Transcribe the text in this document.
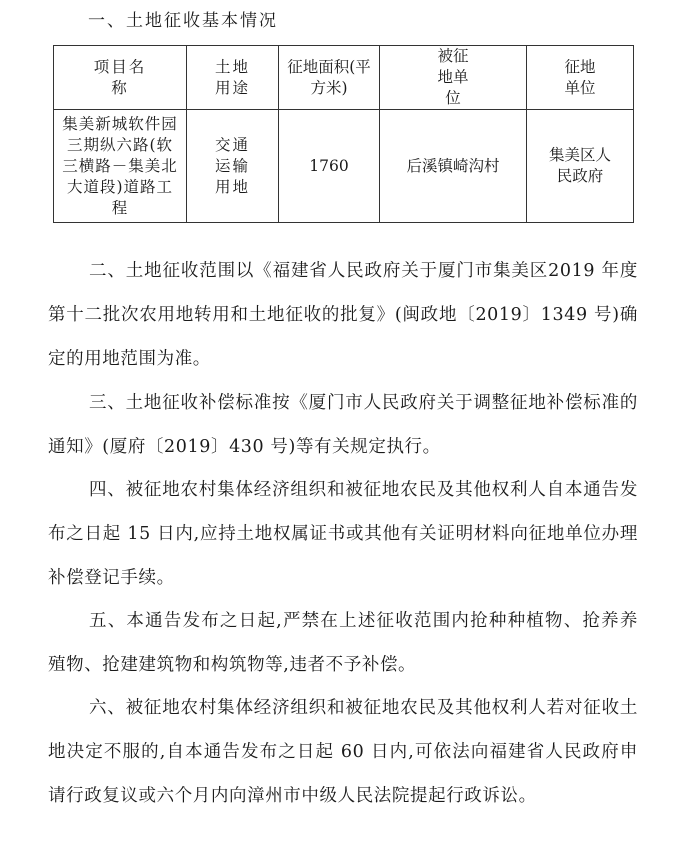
一、土地征收基本情况
项目名称	土地用途	征地面积(平方米)	被征地单位	征地单位
集美新城软件园三期纵六路(软三横路－集美北大道段)道路工程	交通运输用地	1760	后溪镇崎沟村	集美区人民政府

二、土地征收范围以《福建省人民政府关于厦门市集美区2019 年度第十二批次农用地转用和土地征收的批复》(闽政地〔2019〕1349 号)确定的用地范围为准。

三、土地征收补偿标准按《厦门市人民政府关于调整征地补偿标准的通知》(厦府〔2019〕430 号)等有关规定执行。

四、被征地农村集体经济组织和被征地农民及其他权利人自本通告发布之日起 15 日内,应持土地权属证书或其他有关证明材料向征地单位办理补偿登记手续。

五、本通告发布之日起,严禁在上述征收范围内抢种种植物、抢养养殖物、抢建建筑物和构筑物等,违者不予补偿。

六、被征地农村集体经济组织和被征地农民及其他权利人若对征收土地决定不服的,自本通告发布之日起 60 日内,可依法向福建省人民政府申请行政复议或六个月内向漳州市中级人民法院提起行政诉讼。
